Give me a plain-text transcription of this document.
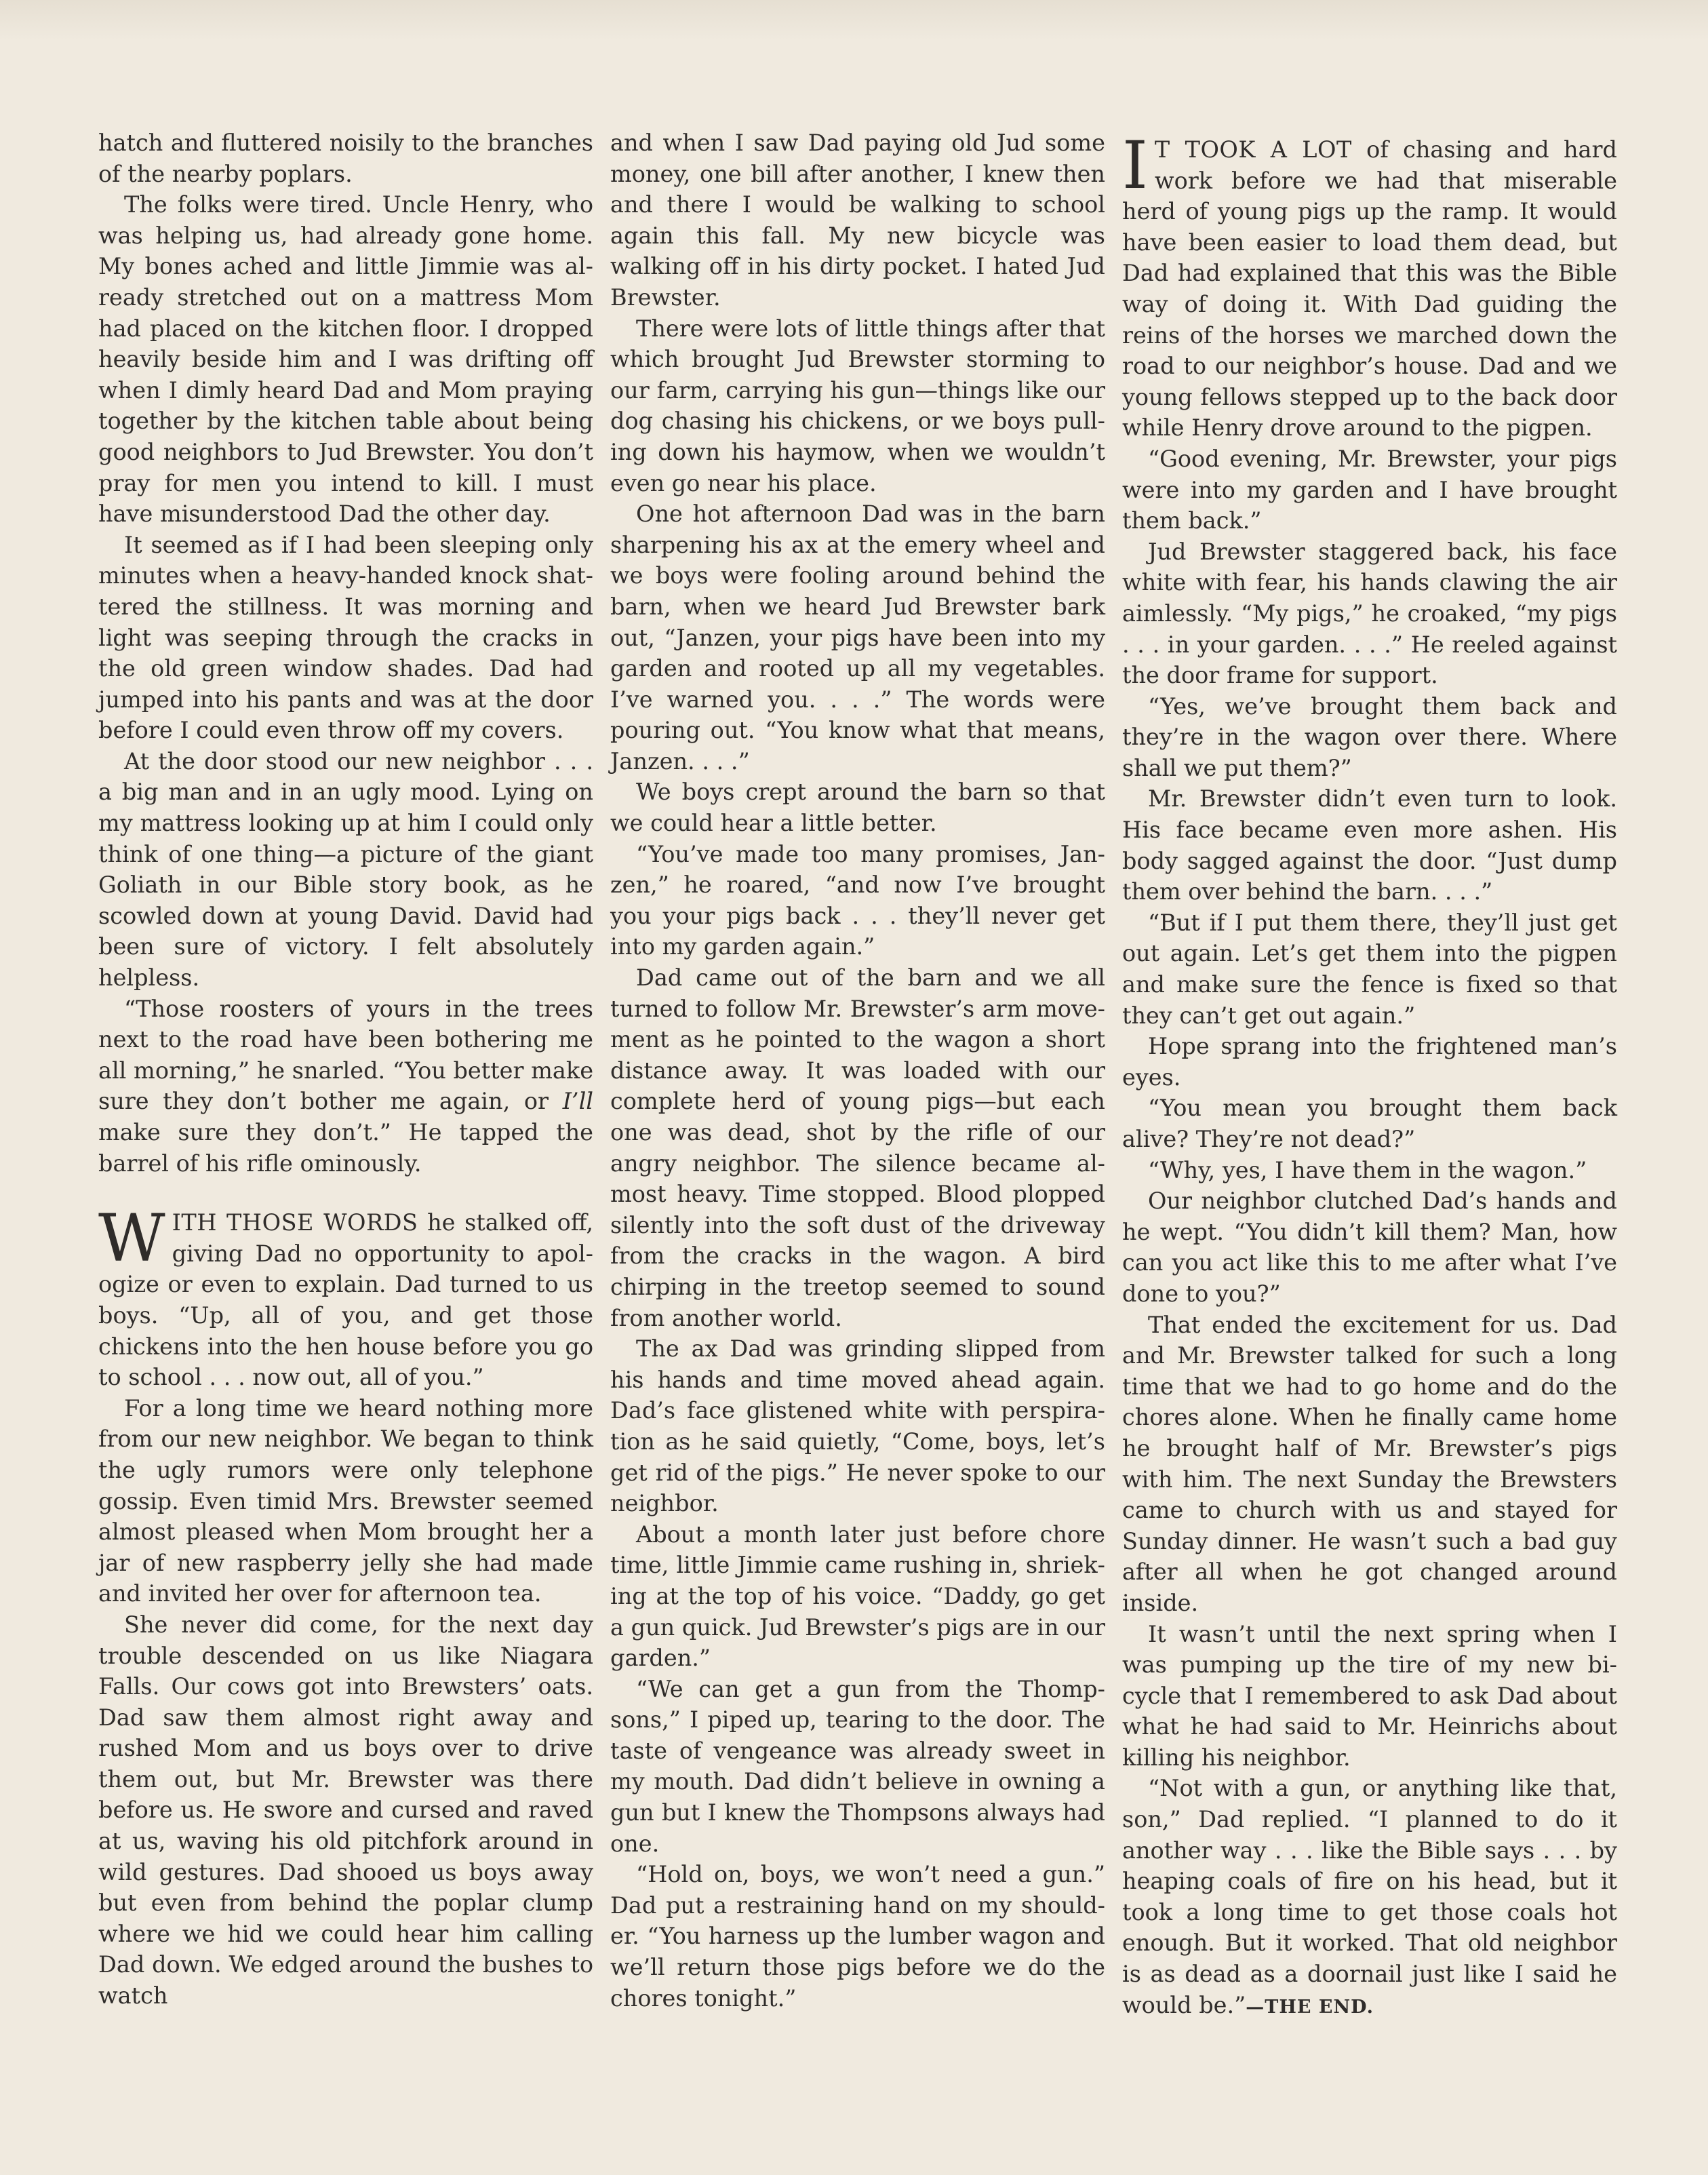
hatch and fluttered noisily to the branches of the nearby poplars.

The folks were tired. Uncle Henry, who was helping us, had already gone home. My bones ached and little Jimmie was already stretched out on a mattress Mom had placed on the kitchen floor. I dropped heavily beside him and I was drifting off when I dimly heard Dad and Mom praying together by the kitchen table about being good neighbors to Jud Brewster. You don’t pray for men you intend to kill. I must have misunderstood Dad the other day.

It seemed as if I had been sleeping only minutes when a heavy-handed knock shattered the stillness. It was morning and light was seeping through the cracks in the old green window shades. Dad had jumped into his pants and was at the door before I could even throw off my covers.

At the door stood our new neighbor . . . a big man and in an ugly mood. Lying on my mattress looking up at him I could only think of one thing—a picture of the giant Goliath in our Bible story book, as he scowled down at young David. David had been sure of victory. I felt absolutely helpless.

“Those roosters of yours in the trees next to the road have been bothering me all morning,” he snarled. “You better make sure they don’t bother me again, or I’ll make sure they don’t.” He tapped the barrel of his rifle ominously.

WITH THOSE WORDS he stalked off, giving Dad no opportunity to apologize or even to explain. Dad turned to us boys. “Up, all of you, and get those chickens into the hen house before you go to school . . . now out, all of you.”

For a long time we heard nothing more from our new neighbor. We began to think the ugly rumors were only telephone gossip. Even timid Mrs. Brewster seemed almost pleased when Mom brought her a jar of new raspberry jelly she had made and invited her over for afternoon tea.

She never did come, for the next day trouble descended on us like Niagara Falls. Our cows got into Brewsters’ oats. Dad saw them almost right away and rushed Mom and us boys over to drive them out, but Mr. Brewster was there before us. He swore and cursed and raved at us, waving his old pitchfork around in wild gestures. Dad shooed us boys away but even from behind the poplar clump where we hid we could hear him calling Dad down. We edged around the bushes to watch

and when I saw Dad paying old Jud some money, one bill after another, I knew then and there I would be walking to school again this fall. My new bicycle was walking off in his dirty pocket. I hated Jud Brewster.

There were lots of little things after that which brought Jud Brewster storming to our farm, carrying his gun—things like our dog chasing his chickens, or we boys pulling down his haymow, when we wouldn’t even go near his place.

One hot afternoon Dad was in the barn sharpening his ax at the emery wheel and we boys were fooling around behind the barn, when we heard Jud Brewster bark out, “Janzen, your pigs have been into my garden and rooted up all my vegetables. I’ve warned you. . . .” The words were pouring out. “You know what that means, Janzen. . . .”

We boys crept around the barn so that we could hear a little better.

“You’ve made too many promises, Janzen,” he roared, “and now I’ve brought you your pigs back . . . they’ll never get into my garden again.”

Dad came out of the barn and we all turned to follow Mr. Brewster’s arm movement as he pointed to the wagon a short distance away. It was loaded with our complete herd of young pigs—but each one was dead, shot by the rifle of our angry neighbor. The silence became almost heavy. Time stopped. Blood plopped silently into the soft dust of the driveway from the cracks in the wagon. A bird chirping in the treetop seemed to sound from another world.

The ax Dad was grinding slipped from his hands and time moved ahead again. Dad’s face glistened white with perspiration as he said quietly, “Come, boys, let’s get rid of the pigs.” He never spoke to our neighbor.

About a month later just before chore time, little Jimmie came rushing in, shrieking at the top of his voice. “Daddy, go get a gun quick. Jud Brewster’s pigs are in our garden.”

“We can get a gun from the Thompsons,” I piped up, tearing to the door. The taste of vengeance was already sweet in my mouth. Dad didn’t believe in owning a gun but I knew the Thompsons always had one.

“Hold on, boys, we won’t need a gun.” Dad put a restraining hand on my shoulder. “You harness up the lumber wagon and we’ll return those pigs before we do the chores tonight.”

I T TOOK A LOT of chasing and hard work before we had that miserable herd of young pigs up the ramp. It would have been easier to load them dead, but Dad had explained that this was the Bible way of doing it. With Dad guiding the reins of the horses we marched down the road to our neighbor’s house. Dad and we young fellows stepped up to the back door while Henry drove around to the pigpen.

“Good evening, Mr. Brewster, your pigs were into my garden and I have brought them back.”

Jud Brewster staggered back, his face white with fear, his hands clawing the air aimlessly. “My pigs,” he croaked, “my pigs . . . in your garden. . . .” He reeled against the door frame for support.

“Yes, we’ve brought them back and they’re in the wagon over there. Where shall we put them?”

Mr. Brewster didn’t even turn to look. His face became even more ashen. His body sagged against the door. “Just dump them over behind the barn. . . .”

“But if I put them there, they’ll just get out again. Let’s get them into the pigpen and make sure the fence is fixed so that they can’t get out again.”

Hope sprang into the frightened man’s eyes.

“You mean you brought them back alive? They’re not dead?”

“Why, yes, I have them in the wagon.”

Our neighbor clutched Dad’s hands and he wept. “You didn’t kill them? Man, how can you act like this to me after what I’ve done to you?”

That ended the excitement for us. Dad and Mr. Brewster talked for such a long time that we had to go home and do the chores alone. When he finally came home he brought half of Mr. Brewster’s pigs with him. The next Sunday the Brewsters came to church with us and stayed for Sunday dinner. He wasn’t such a bad guy after all when he got changed around inside.

It wasn’t until the next spring when I was pumping up the tire of my new bicycle that I remembered to ask Dad about what he had said to Mr. Heinrichs about killing his neighbor.

“Not with a gun, or anything like that, son,” Dad replied. “I planned to do it another way . . . like the Bible says . . . by heaping coals of fire on his head, but it took a long time to get those coals hot enough. But it worked. That old neighbor is as dead as a doornail just like I said he would be.”—THE END.
